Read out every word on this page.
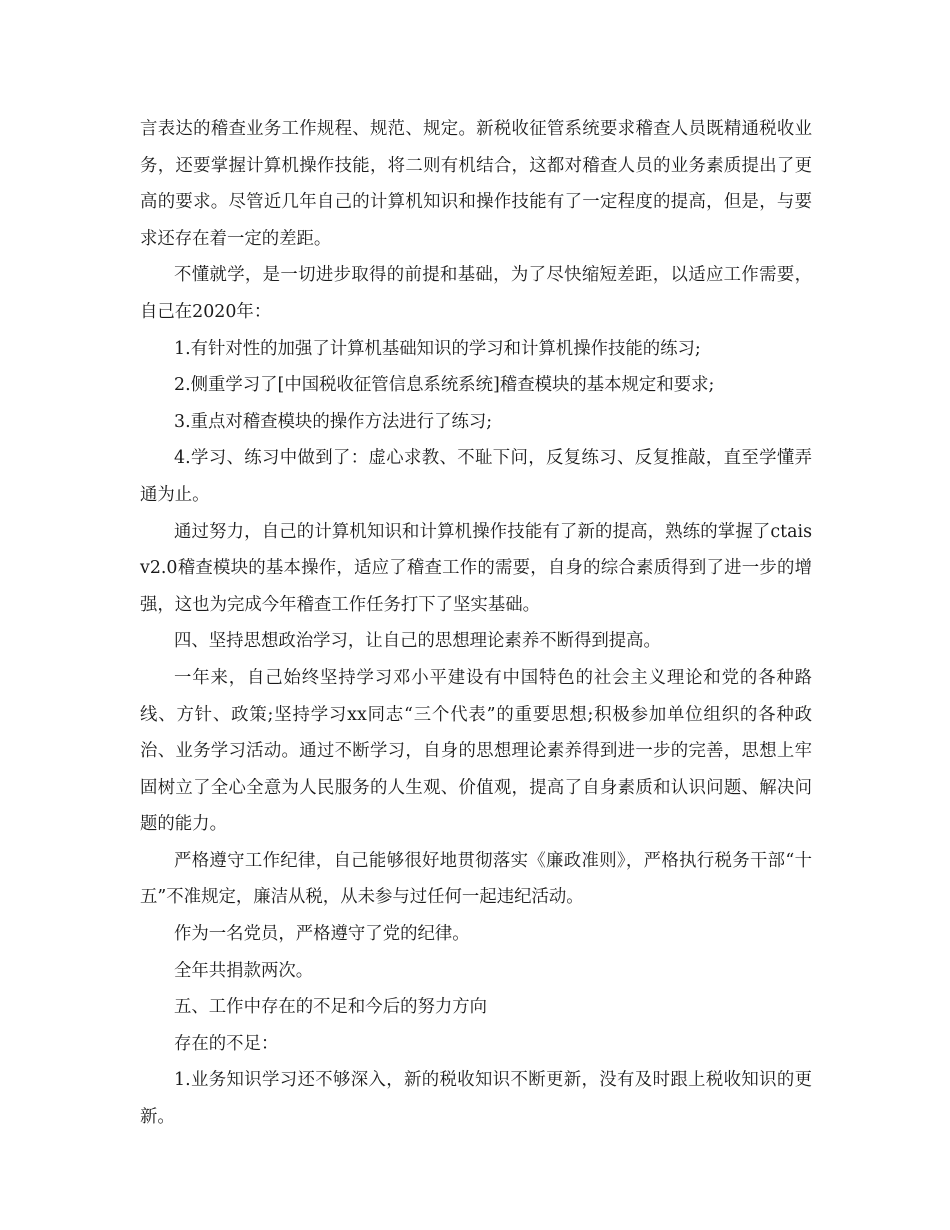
言表达的稽查业务工作规程、规范、规定。新税收征管系统要求稽查人员既精通税收业务，还要掌握计算机操作技能，将二则有机结合，这都对稽查人员的业务素质提出了更高的要求。尽管近几年自己的计算机知识和操作技能有了一定程度的提高，但是，与要求还存在着一定的差距。

不懂就学，是一切进步取得的前提和基础，为了尽快缩短差距，以适应工作需要，自己在2020年：

1.有针对性的加强了计算机基础知识的学习和计算机操作技能的练习;

2.侧重学习了[中国税收征管信息系统系统]稽查模块的基本规定和要求;

3.重点对稽查模块的操作方法进行了练习;

4.学习、练习中做到了：虚心求教、不耻下问，反复练习、反复推敲，直至学懂弄通为止。

通过努力，自己的计算机知识和计算机操作技能有了新的提高，熟练的掌握了ctais v2.0稽查模块的基本操作，适应了稽查工作的需要，自身的综合素质得到了进一步的增强，这也为完成今年稽查工作任务打下了坚实基础。

四、坚持思想政治学习，让自己的思想理论素养不断得到提高。

一年来，自己始终坚持学习邓小平建设有中国特色的社会主义理论和党的各种路线、方针、政策;坚持学习xx同志“三个代表”的重要思想;积极参加单位组织的各种政治、业务学习活动。通过不断学习，自身的思想理论素养得到进一步的完善，思想上牢固树立了全心全意为人民服务的人生观、价值观，提高了自身素质和认识问题、解决问题的能力。

严格遵守工作纪律，自己能够很好地贯彻落实《廉政准则》，严格执行税务干部“十五”不准规定，廉洁从税，从未参与过任何一起违纪活动。

作为一名党员，严格遵守了党的纪律。

全年共捐款两次。

五、工作中存在的不足和今后的努力方向

存在的不足：

1.业务知识学习还不够深入，新的税收知识不断更新，没有及时跟上税收知识的更新。
